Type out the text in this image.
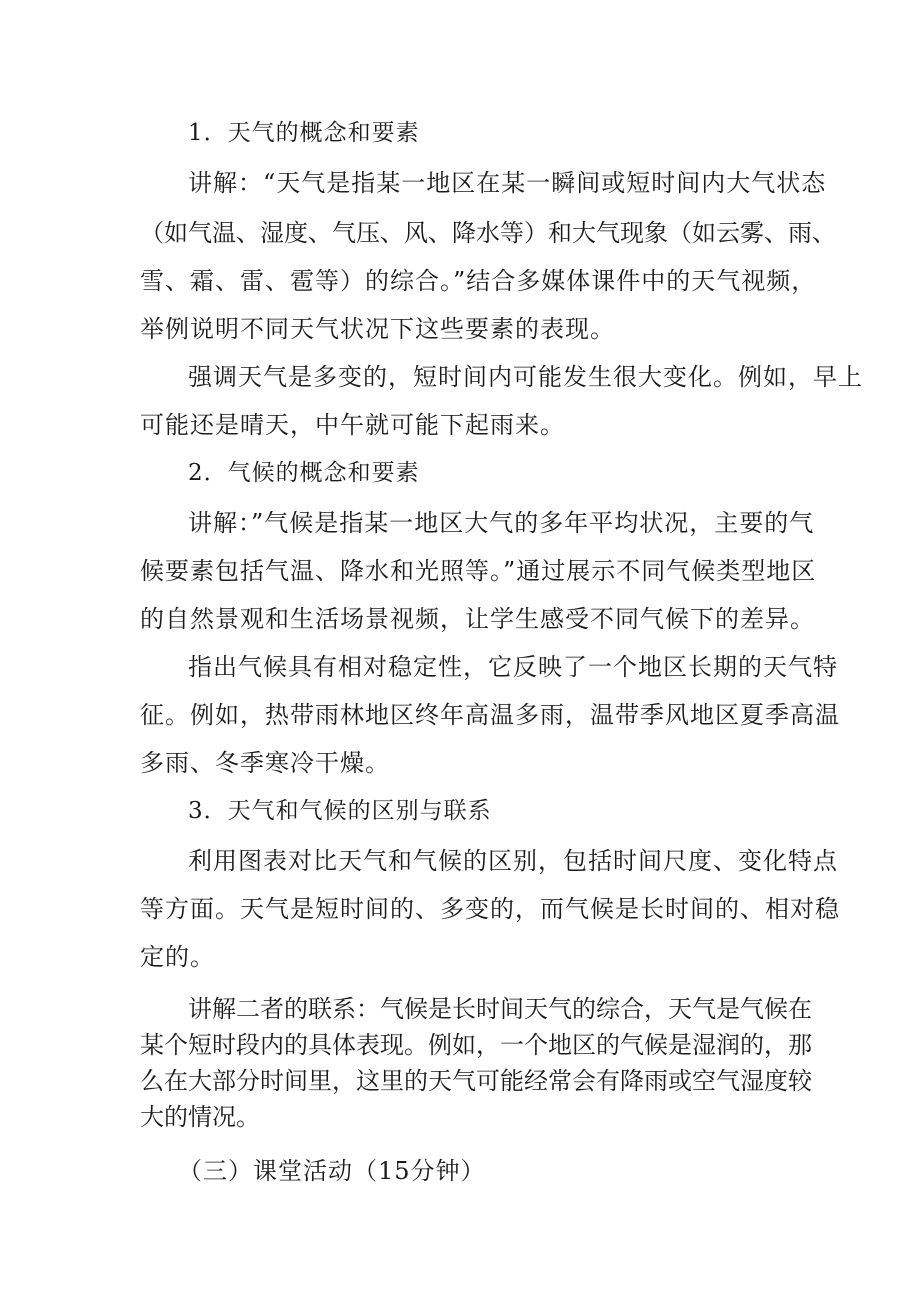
1．天气的概念和要素
讲解：“天气是指某一地区在某一瞬间或短时间内大气状态
（如气温、湿度、气压、风、降水等）和大气现象（如云雾、雨、
雪、霜、雷、雹等）的综合。”结合多媒体课件中的天气视频，
举例说明不同天气状况下这些要素的表现。
强调天气是多变的，短时间内可能发生很大变化。例如，早上
可能还是晴天，中午就可能下起雨来。
2．气候的概念和要素
讲解：”气候是指某一地区大气的多年平均状况，主要的气
候要素包括气温、降水和光照等。”通过展示不同气候类型地区
的自然景观和生活场景视频，让学生感受不同气候下的差异。
指出气候具有相对稳定性，它反映了一个地区长期的天气特
征。例如，热带雨林地区终年高温多雨，温带季风地区夏季高温
多雨、冬季寒冷干燥。
3．天气和气候的区别与联系
利用图表对比天气和气候的区别，包括时间尺度、变化特点
等方面。天气是短时间的、多变的，而气候是长时间的、相对稳
定的。
讲解二者的联系：气候是长时间天气的综合，天气是气候在
某个短时段内的具体表现。例如，一个地区的气候是湿润的，那
么在大部分时间里，这里的天气可能经常会有降雨或空气湿度较
大的情况。
（三）课堂活动（15分钟）
